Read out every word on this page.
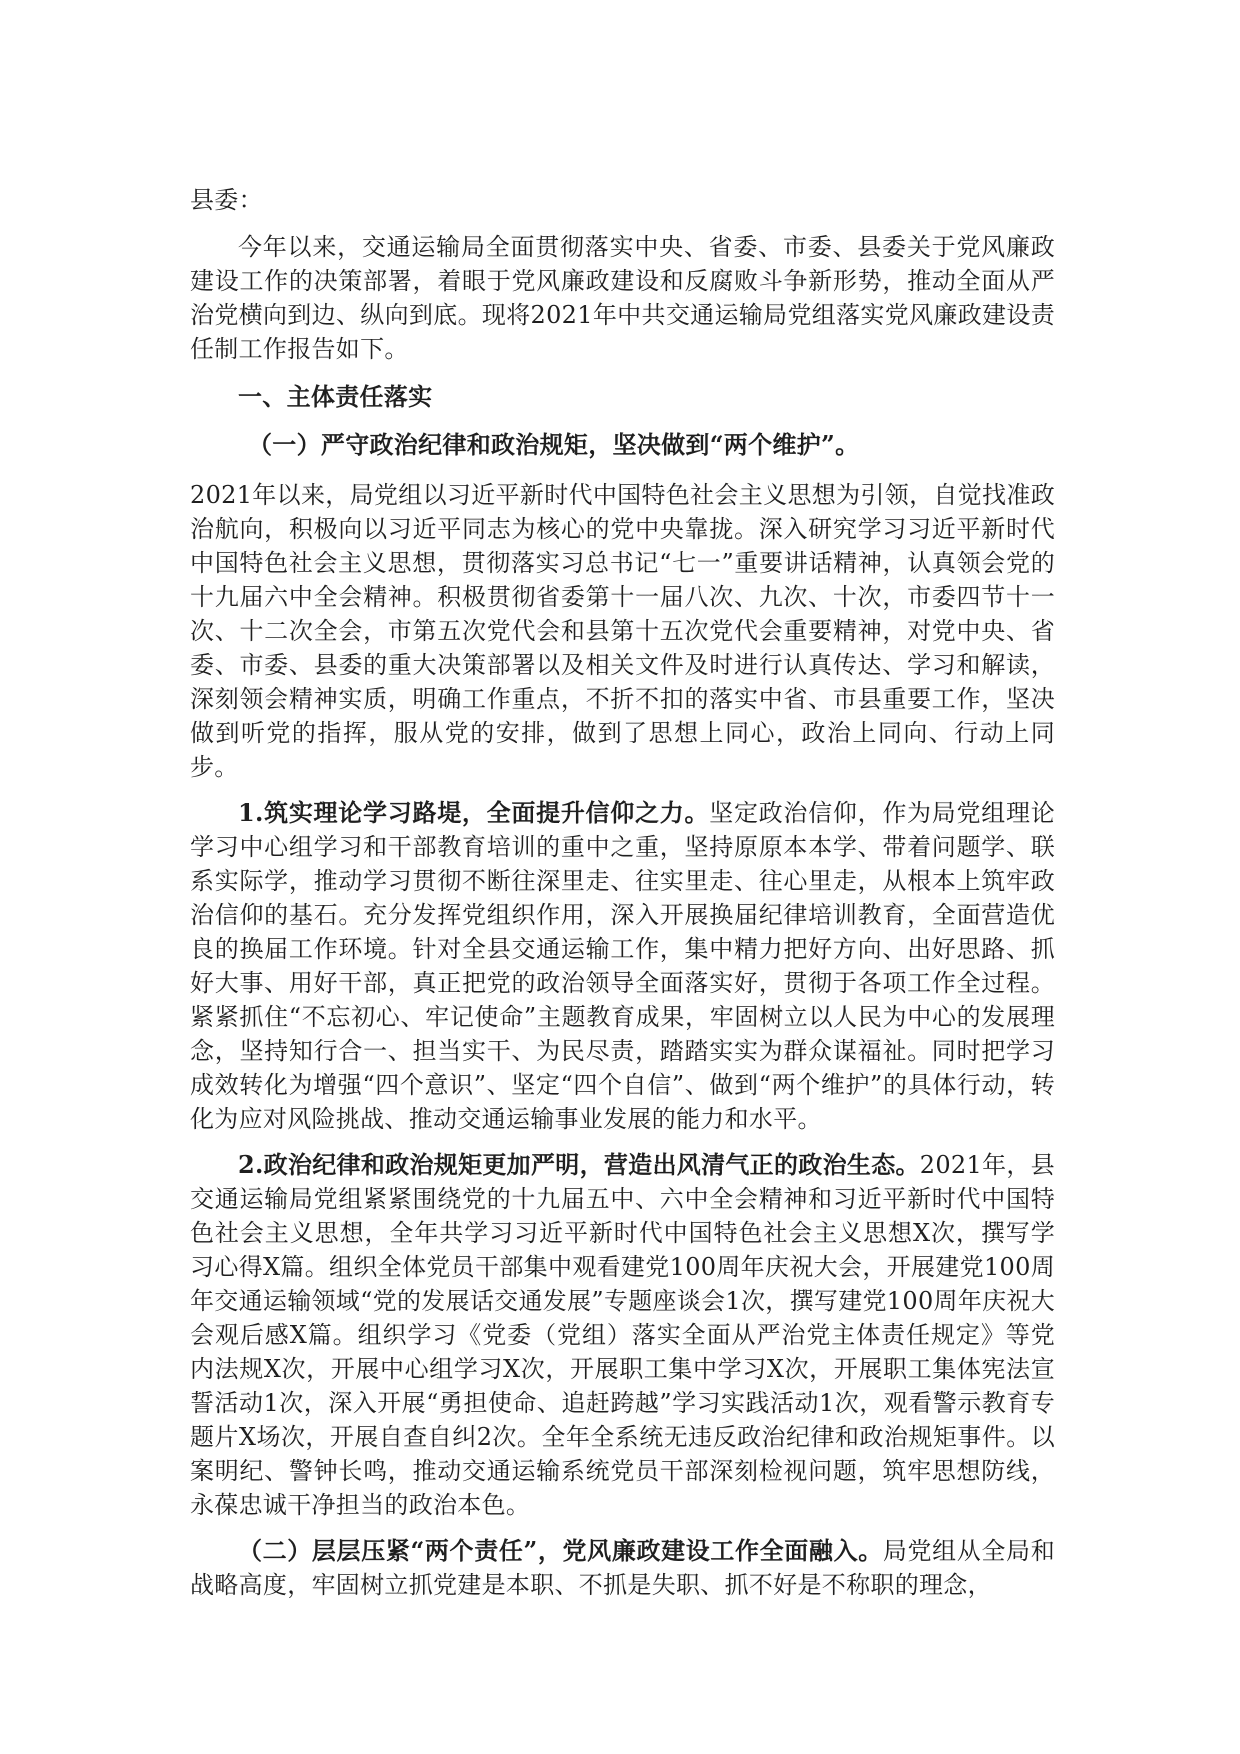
县委：

今年以来，交通运输局全面贯彻落实中央、省委、市委、县委关于党风廉政建设工作的决策部署，着眼于党风廉政建设和反腐败斗争新形势，推动全面从严治党横向到边、纵向到底。现将2021年中共交通运输局党组落实党风廉政建设责任制工作报告如下。

一、主体责任落实

（一）严守政治纪律和政治规矩，坚决做到“两个维护”。

2021年以来，局党组以习近平新时代中国特色社会主义思想为引领，自觉找准政治航向，积极向以习近平同志为核心的党中央靠拢。深入研究学习习近平新时代中国特色社会主义思想，贯彻落实习总书记“七一”重要讲话精神，认真领会党的十九届六中全会精神。积极贯彻省委第十一届八次、九次、十次，市委四节十一次、十二次全会，市第五次党代会和县第十五次党代会重要精神，对党中央、省委、市委、县委的重大决策部署以及相关文件及时进行认真传达、学习和解读，深刻领会精神实质，明确工作重点，不折不扣的落实中省、市县重要工作，坚决做到听党的指挥，服从党的安排，做到了思想上同心，政治上同向、行动上同步。

1.筑实理论学习路堤，全面提升信仰之力。坚定政治信仰，作为局党组理论学习中心组学习和干部教育培训的重中之重，坚持原原本本学、带着问题学、联系实际学，推动学习贯彻不断往深里走、往实里走、往心里走，从根本上筑牢政治信仰的基石。充分发挥党组织作用，深入开展换届纪律培训教育，全面营造优良的换届工作环境。针对全县交通运输工作，集中精力把好方向、出好思路、抓好大事、用好干部，真正把党的政治领导全面落实好，贯彻于各项工作全过程。紧紧抓住“不忘初心、牢记使命”主题教育成果，牢固树立以人民为中心的发展理念，坚持知行合一、担当实干、为民尽责，踏踏实实为群众谋福祉。同时把学习成效转化为增强“四个意识”、坚定“四个自信”、做到“两个维护”的具体行动，转化为应对风险挑战、推动交通运输事业发展的能力和水平。

2.政治纪律和政治规矩更加严明，营造出风清气正的政治生态。2021年，县交通运输局党组紧紧围绕党的十九届五中、六中全会精神和习近平新时代中国特色社会主义思想，全年共学习习近平新时代中国特色社会主义思想X次，撰写学习心得X篇。组织全体党员干部集中观看建党100周年庆祝大会，开展建党100周年交通运输领域“党的发展话交通发展”专题座谈会1次，撰写建党100周年庆祝大会观后感X篇。组织学习《党委（党组）落实全面从严治党主体责任规定》等党内法规X次，开展中心组学习X次，开展职工集中学习X次，开展职工集体宪法宣誓活动1次，深入开展“勇担使命、追赶跨越”学习实践活动1次，观看警示教育专题片X场次，开展自查自纠2次。全年全系统无违反政治纪律和政治规矩事件。以案明纪、警钟长鸣，推动交通运输系统党员干部深刻检视问题，筑牢思想防线，永葆忠诚干净担当的政治本色。

（二）层层压紧“两个责任”，党风廉政建设工作全面融入。局党组从全局和战略高度，牢固树立抓党建是本职、不抓是失职、抓不好是不称职的理念，
